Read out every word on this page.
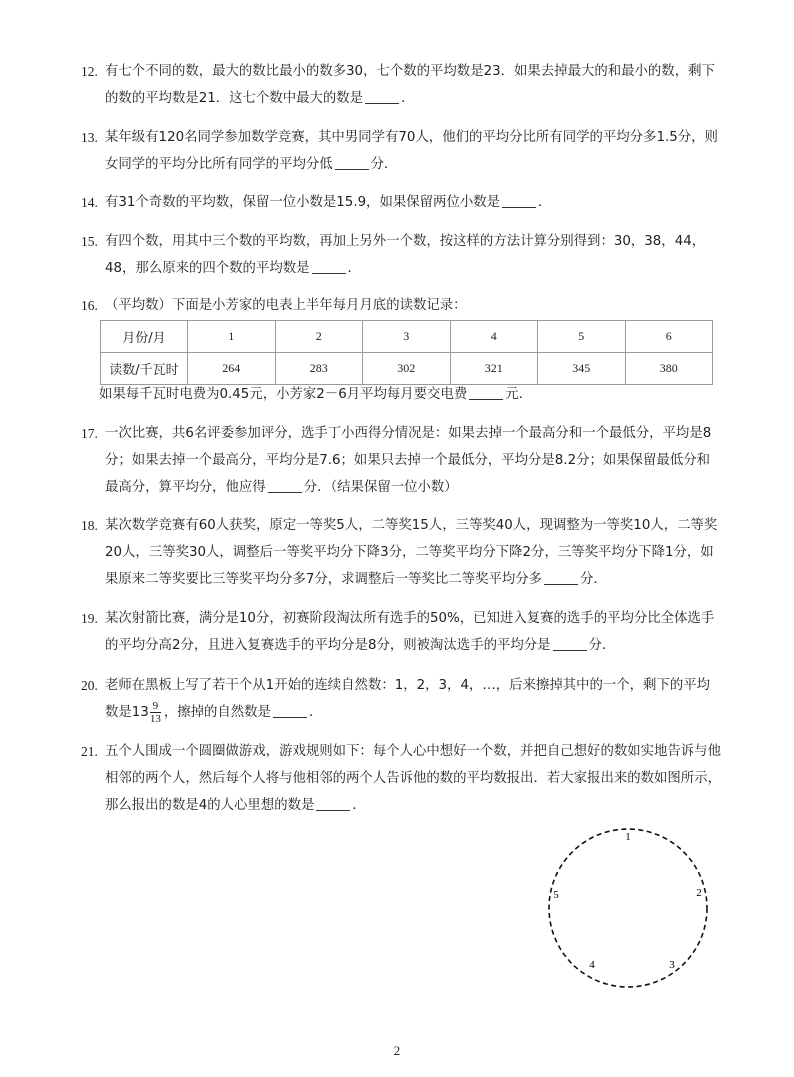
12. 有七个不同的数，最大的数比最小的数多30，七个数的平均数是23．如果去掉最大的和最小的数，剩下的数的平均数是21．这七个数中最大的数是	．
13. 某年级有120名同学参加数学竞赛，其中男同学有70人，他们的平均分比所有同学的平均分多1.5分，则女同学的平均分比所有同学的平均分低	分．
14. 有31个奇数的平均数，保留一位小数是15.9，如果保留两位小数是	．
15. 有四个数，用其中三个数的平均数，再加上另外一个数，按这样的方法计算分别得到：30，38，44，48，那么原来的四个数的平均数是	．
16. （平均数）下面是小芳家的电表上半年每月月底的读数记录：
月份/月	1	2	3	4	5	6
读数/千瓦时	264	283	302	321	345	380
如果每千瓦时电费为0.45元，小芳家2－6月平均每月要交电费	元．
17. 一次比赛，共6名评委参加评分，选手丁小西得分情况是：如果去掉一个最高分和一个最低分，平均是8分；如果去掉一个最高分，平均分是7.6；如果只去掉一个最低分，平均分是8.2分；如果保留最低分和最高分，算平均分，他应得	分．（结果保留一位小数）
18. 某次数学竞赛有60人获奖，原定一等奖5人，二等奖15人，三等奖40人，现调整为一等奖10人，二等奖20人，三等奖30人，调整后一等奖平均分下降3分，二等奖平均分下降2分，三等奖平均分下降1分，如果原来二等奖要比三等奖平均分多7分，求调整后一等奖比二等奖平均分多	分．
19. 某次射箭比赛，满分是10分，初赛阶段淘汰所有选手的50%，已知进入复赛的选手的平均分比全体选手的平均分高2分，且进入复赛选手的平均分是8分，则被淘汰选手的平均分是	分．
20. 老师在黑板上写了若干个从1开始的连续自然数：1，2，3，4，…，后来擦掉其中的一个，剩下的平均数是$13 \frac{9}{13}$ ，擦掉的自然数是	．
21. 五个人围成一个圆圈做游戏，游戏规则如下：每个人心中想好一个数，并把自己想好的数如实地告诉与他相邻的两个人，然后每个人将与他相邻的两个人告诉他的数的平均数报出．若大家报出来的数如图所示，那么报出的数是4的人心里想的数是	．
1
2
3
4
5
2
